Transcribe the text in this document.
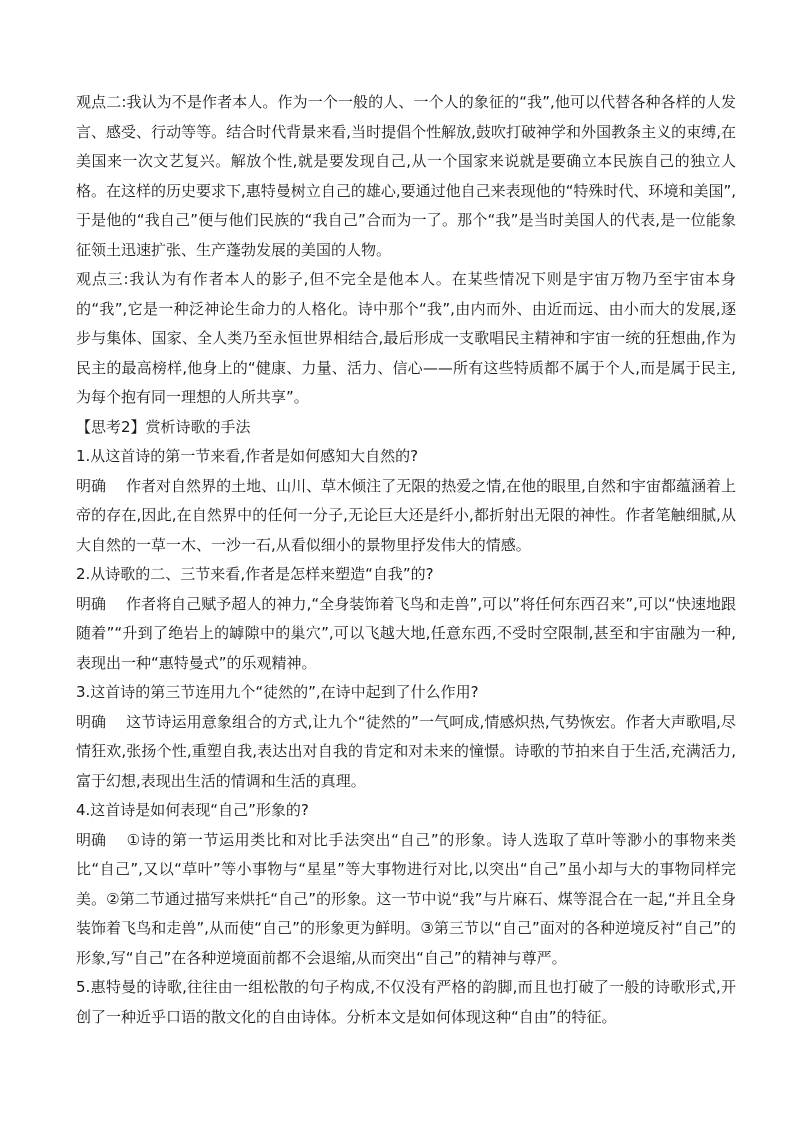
观点二:我认为不是作者本人。作为一个一般的人、一个人的象征的“我”,他可以代替各种各样的人发言、感受、行动等等。结合时代背景来看,当时提倡个性解放,鼓吹打破神学和外国教条主义的束缚,在美国来一次文艺复兴。解放个性,就是要发现自己,从一个国家来说就是要确立本民族自己的独立人格。在这样的历史要求下,惠特曼树立自己的雄心,要通过他自己来表现他的“特殊时代、环境和美国”,于是他的“我自己”便与他们民族的“我自己”合而为一了。那个“我”是当时美国人的代表,是一位能象征领土迅速扩张、生产蓬勃发展的美国的人物。

观点三:我认为有作者本人的影子,但不完全是他本人。在某些情况下则是宇宙万物乃至宇宙本身的“我”,它是一种泛神论生命力的人格化。诗中那个“我”,由内而外、由近而远、由小而大的发展,逐步与集体、国家、全人类乃至永恒世界相结合,最后形成一支歌唱民主精神和宇宙一统的狂想曲,作为民主的最高榜样,他身上的“健康、力量、活力、信心——所有这些特质都不属于个人,而是属于民主,为每个抱有同一理想的人所共享”。

【思考2】赏析诗歌的手法

1.从这首诗的第一节来看,作者是如何感知大自然的?

明确 作者对自然界的土地、山川、草木倾注了无限的热爱之情,在他的眼里,自然和宇宙都蕴涵着上帝的存在,因此,在自然界中的任何一分子,无论巨大还是纤小,都折射出无限的神性。作者笔触细腻,从大自然的一草一木、一沙一石,从看似细小的景物里抒发伟大的情感。

2.从诗歌的二、三节来看,作者是怎样来塑造“自我”的?

明确 作者将自己赋予超人的神力,“全身装饰着飞鸟和走兽”,可以”将任何东西召来”,可以“快速地跟随着”“升到了绝岩上的罅隙中的巢穴”,可以飞越大地,任意东西,不受时空限制,甚至和宇宙融为一种,表现出一种“惠特曼式”的乐观精神。

3.这首诗的第三节连用九个“徒然的”,在诗中起到了什么作用?

明确 这节诗运用意象组合的方式,让九个“徒然的”一气呵成,情感炽热,气势恢宏。作者大声歌唱,尽情狂欢,张扬个性,重塑自我,表达出对自我的肯定和对未来的憧憬。诗歌的节拍来自于生活,充满活力,富于幻想,表现出生活的情调和生活的真理。

4.这首诗是如何表现“自己”形象的?

明确 ①诗的第一节运用类比和对比手法突出“自己”的形象。诗人选取了草叶等渺小的事物来类比“自己”,又以“草叶”等小事物与“星星”等大事物进行对比,以突出“自己”虽小却与大的事物同样完美。②第二节通过描写来烘托“自己”的形象。这一节中说“我”与片麻石、煤等混合在一起,“并且全身装饰着飞鸟和走兽”,从而使“自己”的形象更为鲜明。③第三节以“自己”面对的各种逆境反衬“自己”的形象,写“自己”在各种逆境面前都不会退缩,从而突出“自己”的精神与尊严。

5.惠特曼的诗歌,往往由一组松散的句子构成,不仅没有严格的韵脚,而且也打破了一般的诗歌形式,开创了一种近乎口语的散文化的自由诗体。分析本文是如何体现这种“自由”的特征。
